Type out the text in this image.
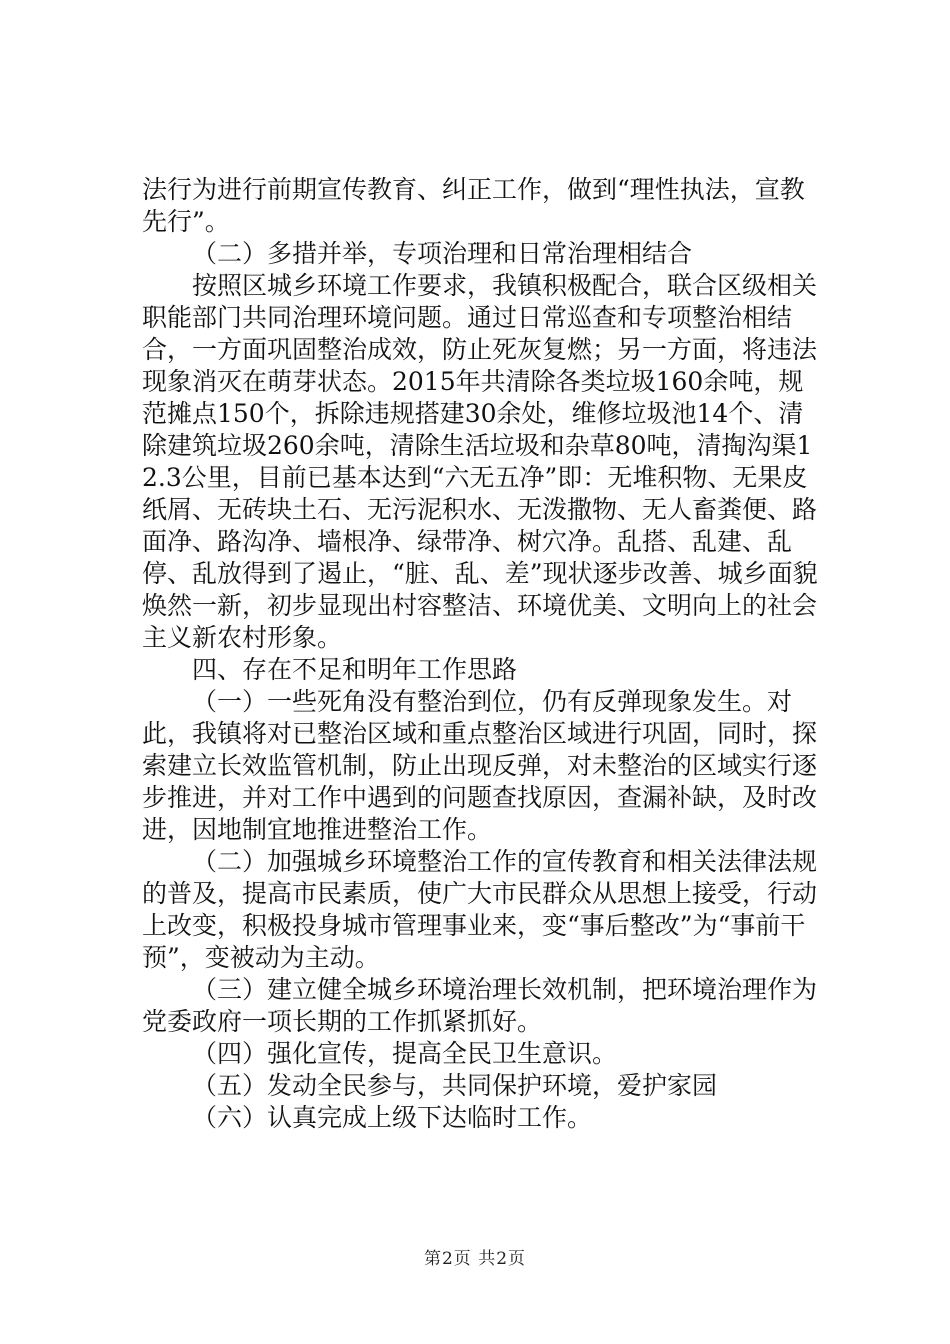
法行为进行前期宣传教育、纠正工作，做到“理性执法，宣教先行”。

（二）多措并举，专项治理和日常治理相结合

按照区城乡环境工作要求，我镇积极配合，联合区级相关职能部门共同治理环境问题。通过日常巡查和专项整治相结合，一方面巩固整治成效，防止死灰复燃；另一方面，将违法现象消灭在萌芽状态。2015年共清除各类垃圾160余吨，规范摊点150个，拆除违规搭建30余处，维修垃圾池14个、清除建筑垃圾260余吨，清除生活垃圾和杂草80吨，清掏沟渠12.3公里，目前已基本达到“六无五净”即：无堆积物、无果皮纸屑、无砖块土石、无污泥积水、无泼撒物、无人畜粪便、路面净、路沟净、墙根净、绿带净、树穴净。乱搭、乱建、乱停、乱放得到了遏止，“脏、乱、差”现状逐步改善、城乡面貌焕然一新，初步显现出村容整洁、环境优美、文明向上的社会主义新农村形象。

四、存在不足和明年工作思路

（一）一些死角没有整治到位，仍有反弹现象发生。对此，我镇将对已整治区域和重点整治区域进行巩固，同时，探索建立长效监管机制，防止出现反弹，对未整治的区域实行逐步推进，并对工作中遇到的问题查找原因，查漏补缺，及时改进，因地制宜地推进整治工作。

（二）加强城乡环境整治工作的宣传教育和相关法律法规的普及，提高市民素质，使广大市民群众从思想上接受，行动上改变，积极投身城市管理事业来，变“事后整改”为“事前干预”，变被动为主动。

（三）建立健全城乡环境治理长效机制，把环境治理作为党委政府一项长期的工作抓紧抓好。

（四）强化宣传，提高全民卫生意识。

（五）发动全民参与，共同保护环境，爱护家园

（六）认真完成上级下达临时工作。

第2页 共2页
